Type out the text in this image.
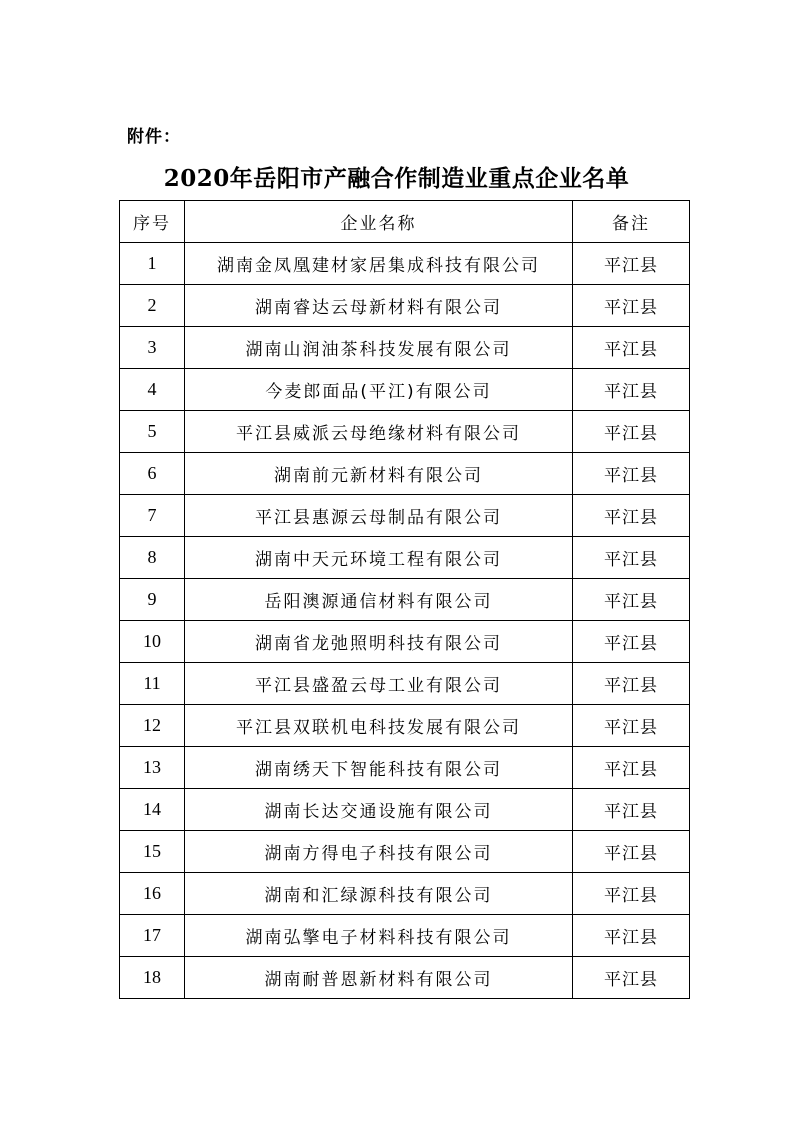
附件：
2020年岳阳市产融合作制造业重点企业名单
序号	企业名称	备注
1	湖南金凤凰建材家居集成科技有限公司	平江县
2	湖南睿达云母新材料有限公司	平江县
3	湖南山润油茶科技发展有限公司	平江县
4	今麦郎面品(平江)有限公司	平江县
5	平江县威派云母绝缘材料有限公司	平江县
6	湖南前元新材料有限公司	平江县
7	平江县惠源云母制品有限公司	平江县
8	湖南中天元环境工程有限公司	平江县
9	岳阳澳源通信材料有限公司	平江县
10	湖南省龙弛照明科技有限公司	平江县
11	平江县盛盈云母工业有限公司	平江县
12	平江县双联机电科技发展有限公司	平江县
13	湖南绣天下智能科技有限公司	平江县
14	湖南长达交通设施有限公司	平江县
15	湖南方得电子科技有限公司	平江县
16	湖南和汇绿源科技有限公司	平江县
17	湖南弘擎电子材料科技有限公司	平江县
18	湖南耐普恩新材料有限公司	平江县
